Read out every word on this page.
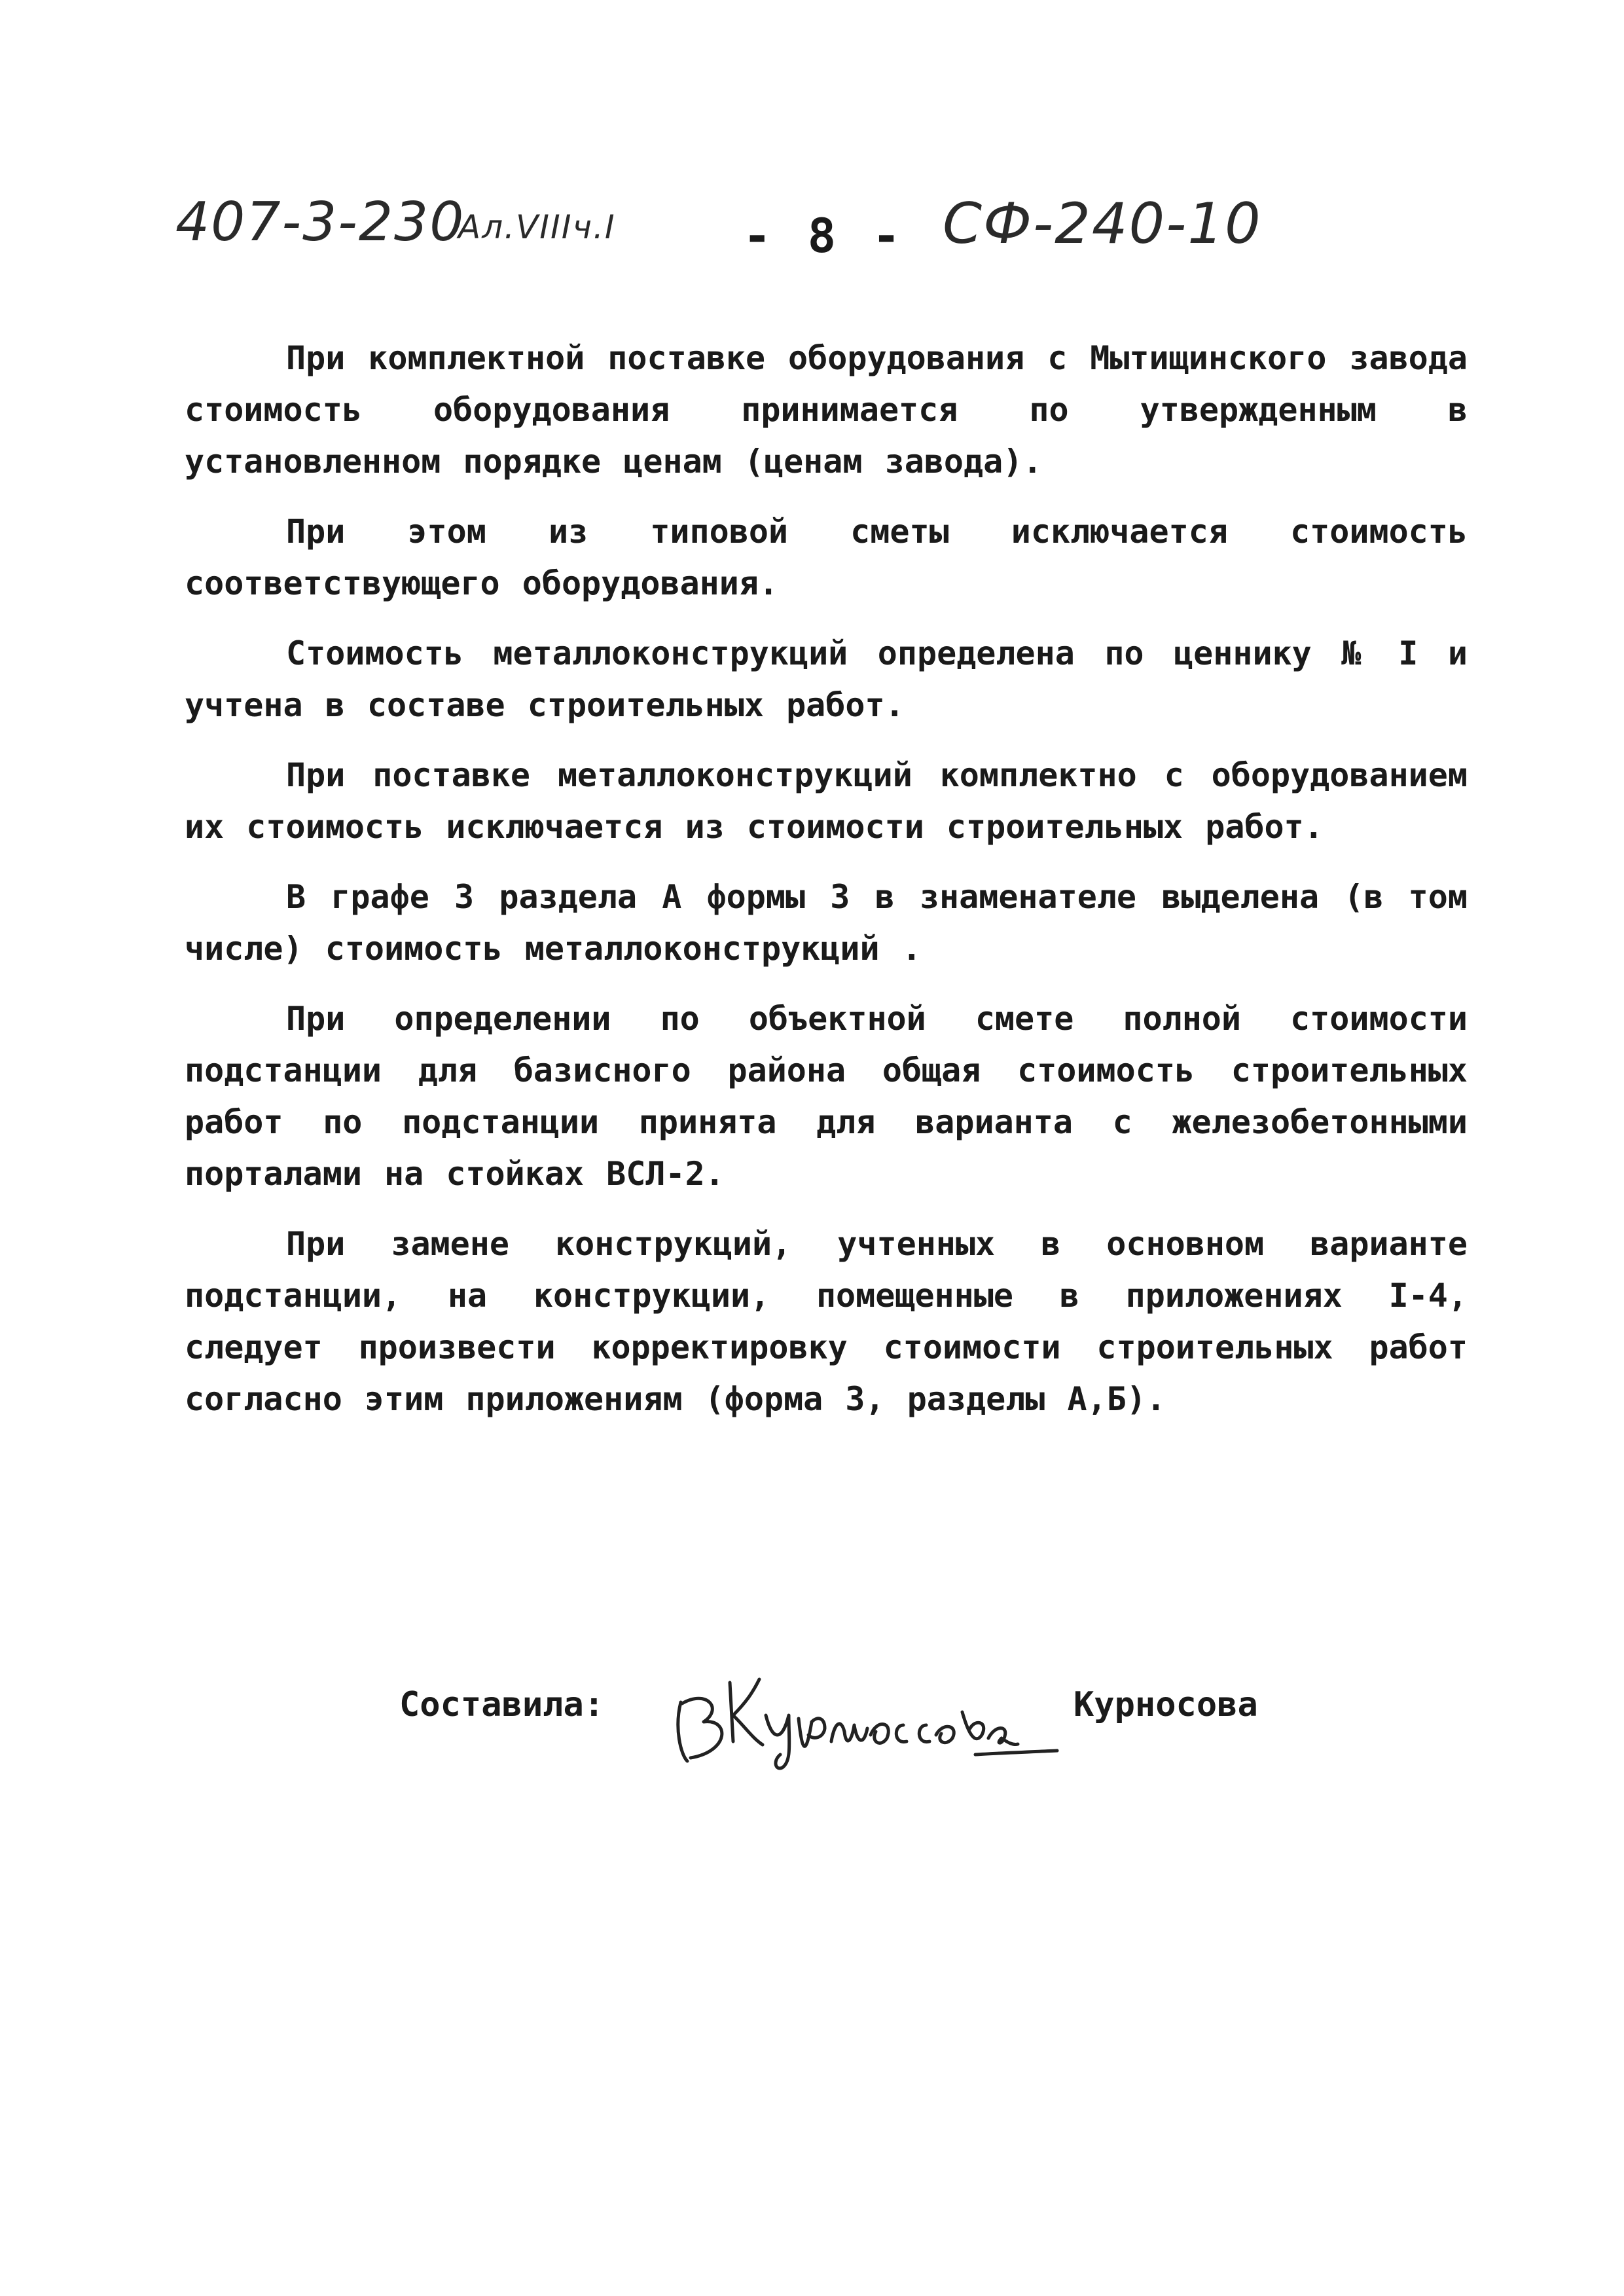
407-3-230
Ал.VIIIч.I	- 8 - СФ-240-10

При комплектной поставке оборудования с Мытищинского завода стоимость оборудования принимается по утвержденным в установленном порядке ценам (ценам завода).

При этом из типовой сметы исключается стоимость соответствующего оборудования.

Стоимость металлоконструкций определена по ценнику № I и учтена в составе строительных работ.

При поставке металлоконструкций комплектно с оборудованием их стоимость исключается из стоимости строительных работ.

В графе 3 раздела А формы 3 в знаменателе выделена (в том числе) стоимость металлоконструкций .

При определении по объектной смете полной стоимости подстанции для базисного района общая стоимость строительных работ по подстанции принята для варианта с железобетонными порталами на стойках ВСЛ-2.

При замене конструкций, учтенных в основном варианте подстанции, на конструкции, помещенные в приложениях I-4, следует произвести корректировку стоимости строительных работ согласно этим приложениям (форма 3, разделы А,Б).

Составила:	Курносова
